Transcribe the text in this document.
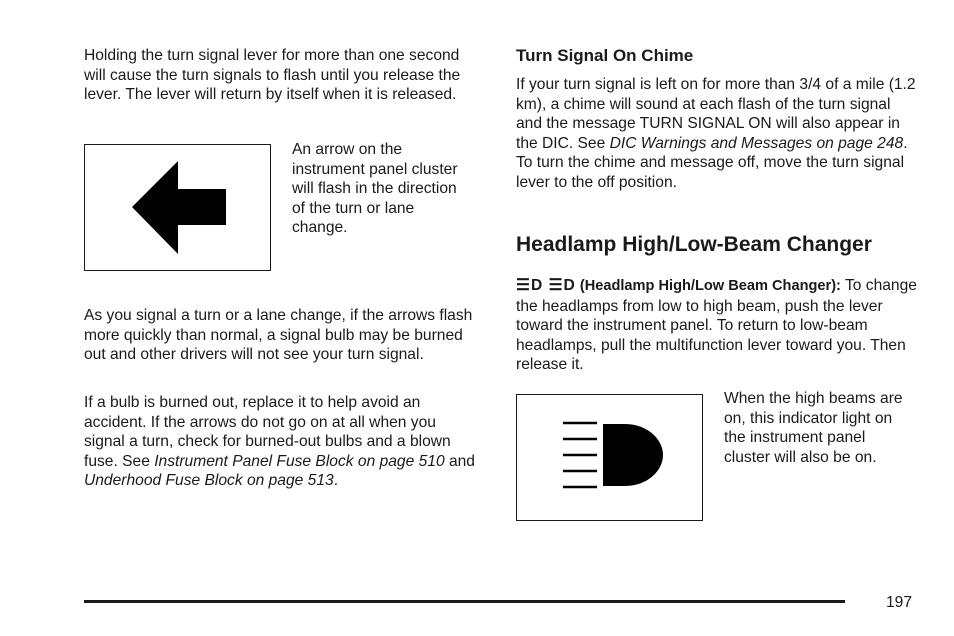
Holding the turn signal lever for more than one second will cause the turn signals to flash until you release the lever. The lever will return by itself when it is released.

An arrow on the instrument panel cluster will flash in the direction of the turn or lane change.

As you signal a turn or a lane change, if the arrows flash more quickly than normal, a signal bulb may be burned out and other drivers will not see your turn signal.

If a bulb is burned out, replace it to help avoid an accident. If the arrows do not go on at all when you signal a turn, check for burned-out bulbs and a blown fuse. See Instrument Panel Fuse Block on page 510 and Underhood Fuse Block on page 513.

Turn Signal On Chime

If your turn signal is left on for more than 3/4 of a mile (1.2 km), a chime will sound at each flash of the turn signal and the message TURN SIGNAL ON will also appear in the DIC. See DIC Warnings and Messages on page 248. To turn the chime and message off, move the turn signal lever to the off position.

Headlamp High/Low-Beam Changer

☰D ☰D (Headlamp High/Low Beam Changer): To change the headlamps from low to high beam, push the lever toward the instrument panel. To return to low-beam headlamps, pull the multifunction lever toward you. Then release it.

When the high beams are on, this indicator light on the instrument panel cluster will also be on.

197
